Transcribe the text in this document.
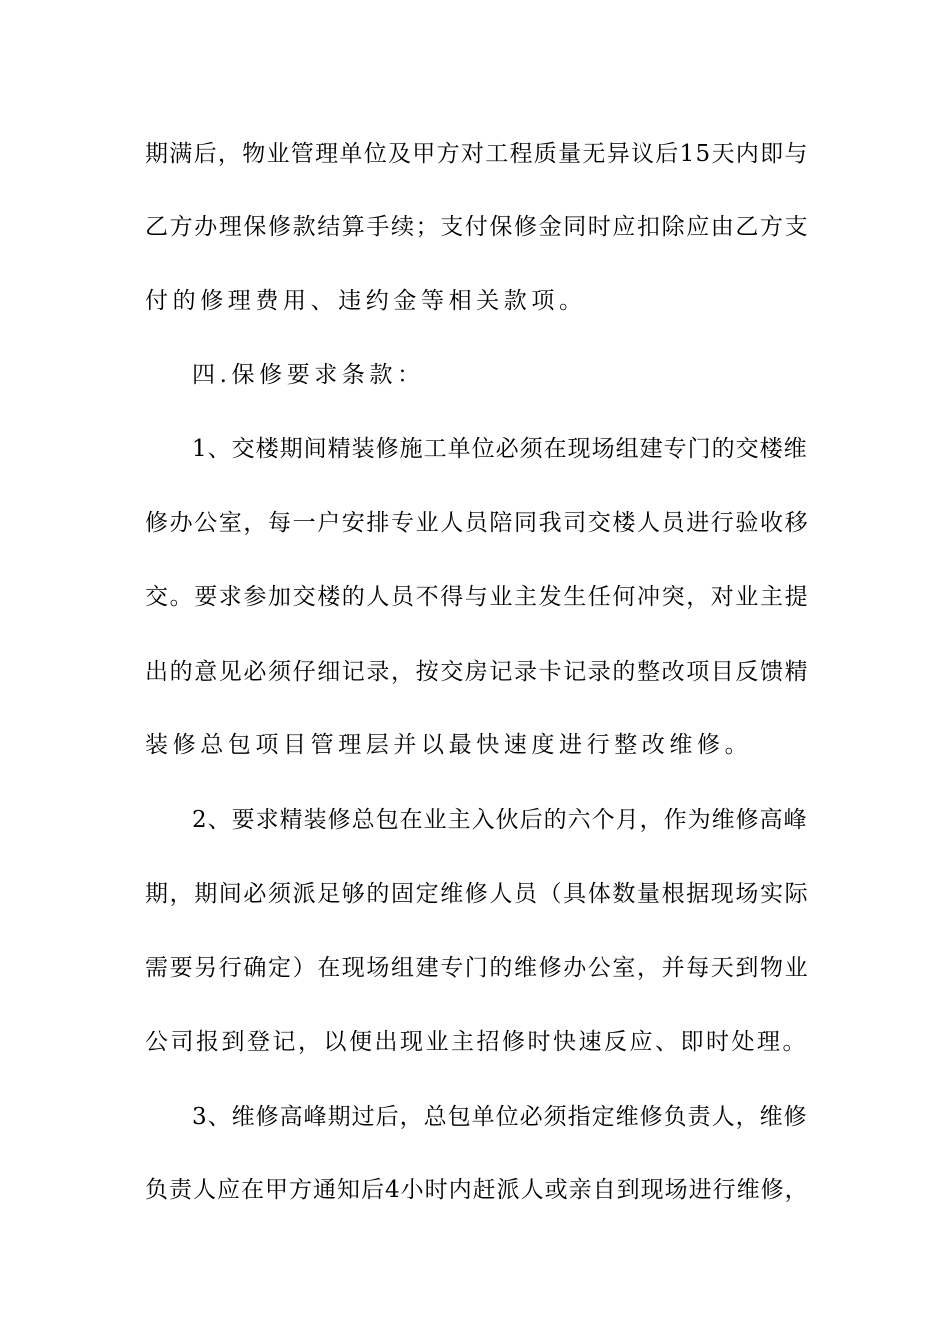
期满后，物业管理单位及甲方对工程质量无异议后15天内即与
乙方办理保修款结算手续；支付保修金同时应扣除应由乙方支
付的修理费用、违约金等相关款项。
四.保修要求条款：
1、交楼期间精装修施工单位必须在现场组建专门的交楼维
修办公室，每一户安排专业人员陪同我司交楼人员进行验收移
交。要求参加交楼的人员不得与业主发生任何冲突，对业主提
出的意见必须仔细记录，按交房记录卡记录的整改项目反馈精
装修总包项目管理层并以最快速度进行整改维修。
2、要求精装修总包在业主入伙后的六个月，作为维修高峰
期，期间必须派足够的固定维修人员（具体数量根据现场实际
需要另行确定）在现场组建专门的维修办公室，并每天到物业
公司报到登记，以便出现业主招修时快速反应、即时处理。
3、维修高峰期过后，总包单位必须指定维修负责人，维修
负责人应在甲方通知后4小时内赶派人或亲自到现场进行维修，
